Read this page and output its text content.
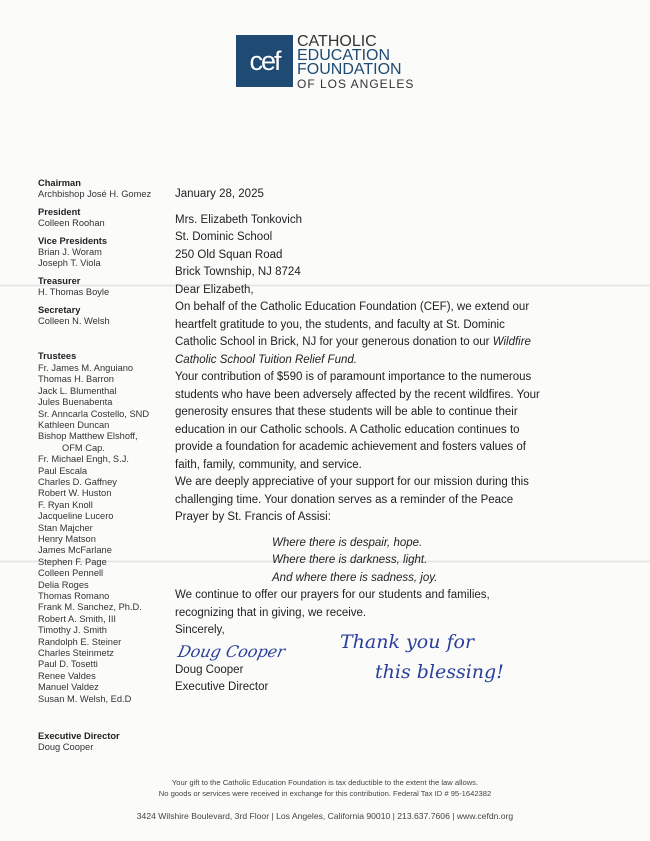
cef
CATHOLIC
EDUCATION
FOUNDATION
OF LOS ANGELES
Chairman
Archbishop José H. Gomez
President
Colleen Roohan
Vice Presidents
Brian J. Woram
Joseph T. Viola
Treasurer
H. Thomas Boyle
Secretary
Colleen N. Welsh
Trustees
Fr. James M. Anguiano
Thomas H. Barron
Jack L. Blumenthal
Jules Buenabenta
Sr. Anncarla Costello, SND
Kathleen Duncan
Bishop Matthew Elshoff,
OFM Cap.
Fr. Michael Engh, S.J.
Paul Escala
Charles D. Gaffney
Robert W. Huston
F. Ryan Knoll
Jacqueline Lucero
Stan Majcher
Henry Matson
James McFarlane
Stephen F. Page
Colleen Pennell
Delia Roges
Thomas Romano
Frank M. Sanchez, Ph.D.
Robert A. Smith, III
Timothy J. Smith
Randolph E. Steiner
Charles Steinmetz
Paul D. Tosetti
Renee Valdes
Manuel Valdez
Susan M. Welsh, Ed.D
Executive Director
Doug Cooper

January 28, 2025

Mrs. Elizabeth Tonkovich

St. Dominic School

250 Old Squan Road

Brick Township, NJ 8724

Dear Elizabeth,

On behalf of the Catholic Education Foundation (CEF), we extend our heartfelt gratitude to you, the students, and faculty at St. Dominic Catholic School in Brick, NJ for your generous donation to our Wildfire Catholic School Tuition Relief Fund.

Your contribution of $590 is of paramount importance to the numerous students who have been adversely affected by the recent wildfires. Your generosity ensures that these students will be able to continue their education in our Catholic schools. A Catholic education continues to provide a foundation for academic achievement and fosters values of faith, family, community, and service.

We are deeply appreciative of your support for our mission during this challenging time. Your donation serves as a reminder of the Peace Prayer by St. Francis of Assisi:

Where there is despair, hope.

Where there is darkness, light.

And where there is sadness, joy.

We continue to offer our prayers for our students and families, recognizing that in giving, we receive.

Sincerely,

Doug Cooper	Thank you for
this blessing!

Doug Cooper

Executive Director

Your gift to the Catholic Education Foundation is tax deductible to the extent the law allows.
No goods or services were received in exchange for this contribution. Federal Tax ID # 95-1642382
3424 Wilshire Boulevard, 3rd Floor | Los Angeles, California 90010 | 213.637.7606 | www.cefdn.org
